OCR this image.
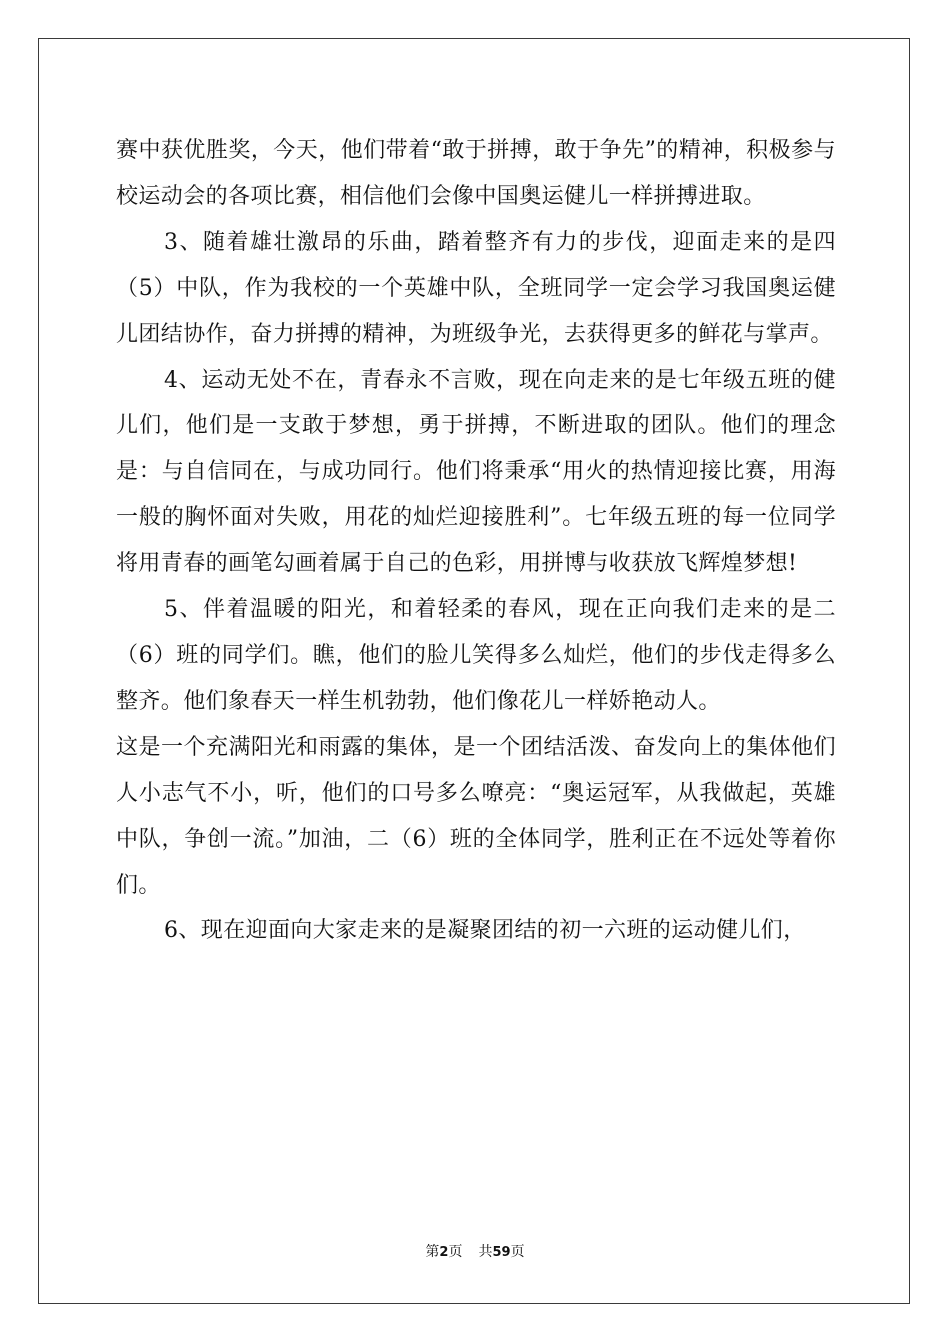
赛中获优胜奖，今天，他们带着“敢于拼搏，敢于争先”的精神，积极参与校运动会的各项比赛，相信他们会像中国奥运健儿一样拼搏进取。

3、随着雄壮激昂的乐曲，踏着整齐有力的步伐，迎面走来的是四（5）中队，作为我校的一个英雄中队，全班同学一定会学习我国奥运健儿团结协作，奋力拼搏的精神，为班级争光，去获得更多的鲜花与掌声。

4、运动无处不在，青春永不言败，现在向走来的是七年级五班的健儿们，他们是一支敢于梦想，勇于拼搏，不断进取的团队。他们的理念是：与自信同在，与成功同行。他们将秉承“用火的热情迎接比赛，用海一般的胸怀面对失败，用花的灿烂迎接胜利”。七年级五班的每一位同学将用青春的画笔勾画着属于自己的色彩，用拼博与收获放飞辉煌梦想!

5、伴着温暖的阳光，和着轻柔的春风，现在正向我们走来的是二（6）班的同学们。瞧，他们的脸儿笑得多么灿烂，他们的步伐走得多么整齐。他们象春天一样生机勃勃，他们像花儿一样娇艳动人。

这是一个充满阳光和雨露的集体，是一个团结活泼、奋发向上的集体他们人小志气不小，听，他们的口号多么嘹亮：“奥运冠军，从我做起，英雄中队，争创一流。”加油，二（6）班的全体同学，胜利正在不远处等着你们。

6、现在迎面向大家走来的是凝聚团结的初一六班的运动健儿们，

第2页 共59页
